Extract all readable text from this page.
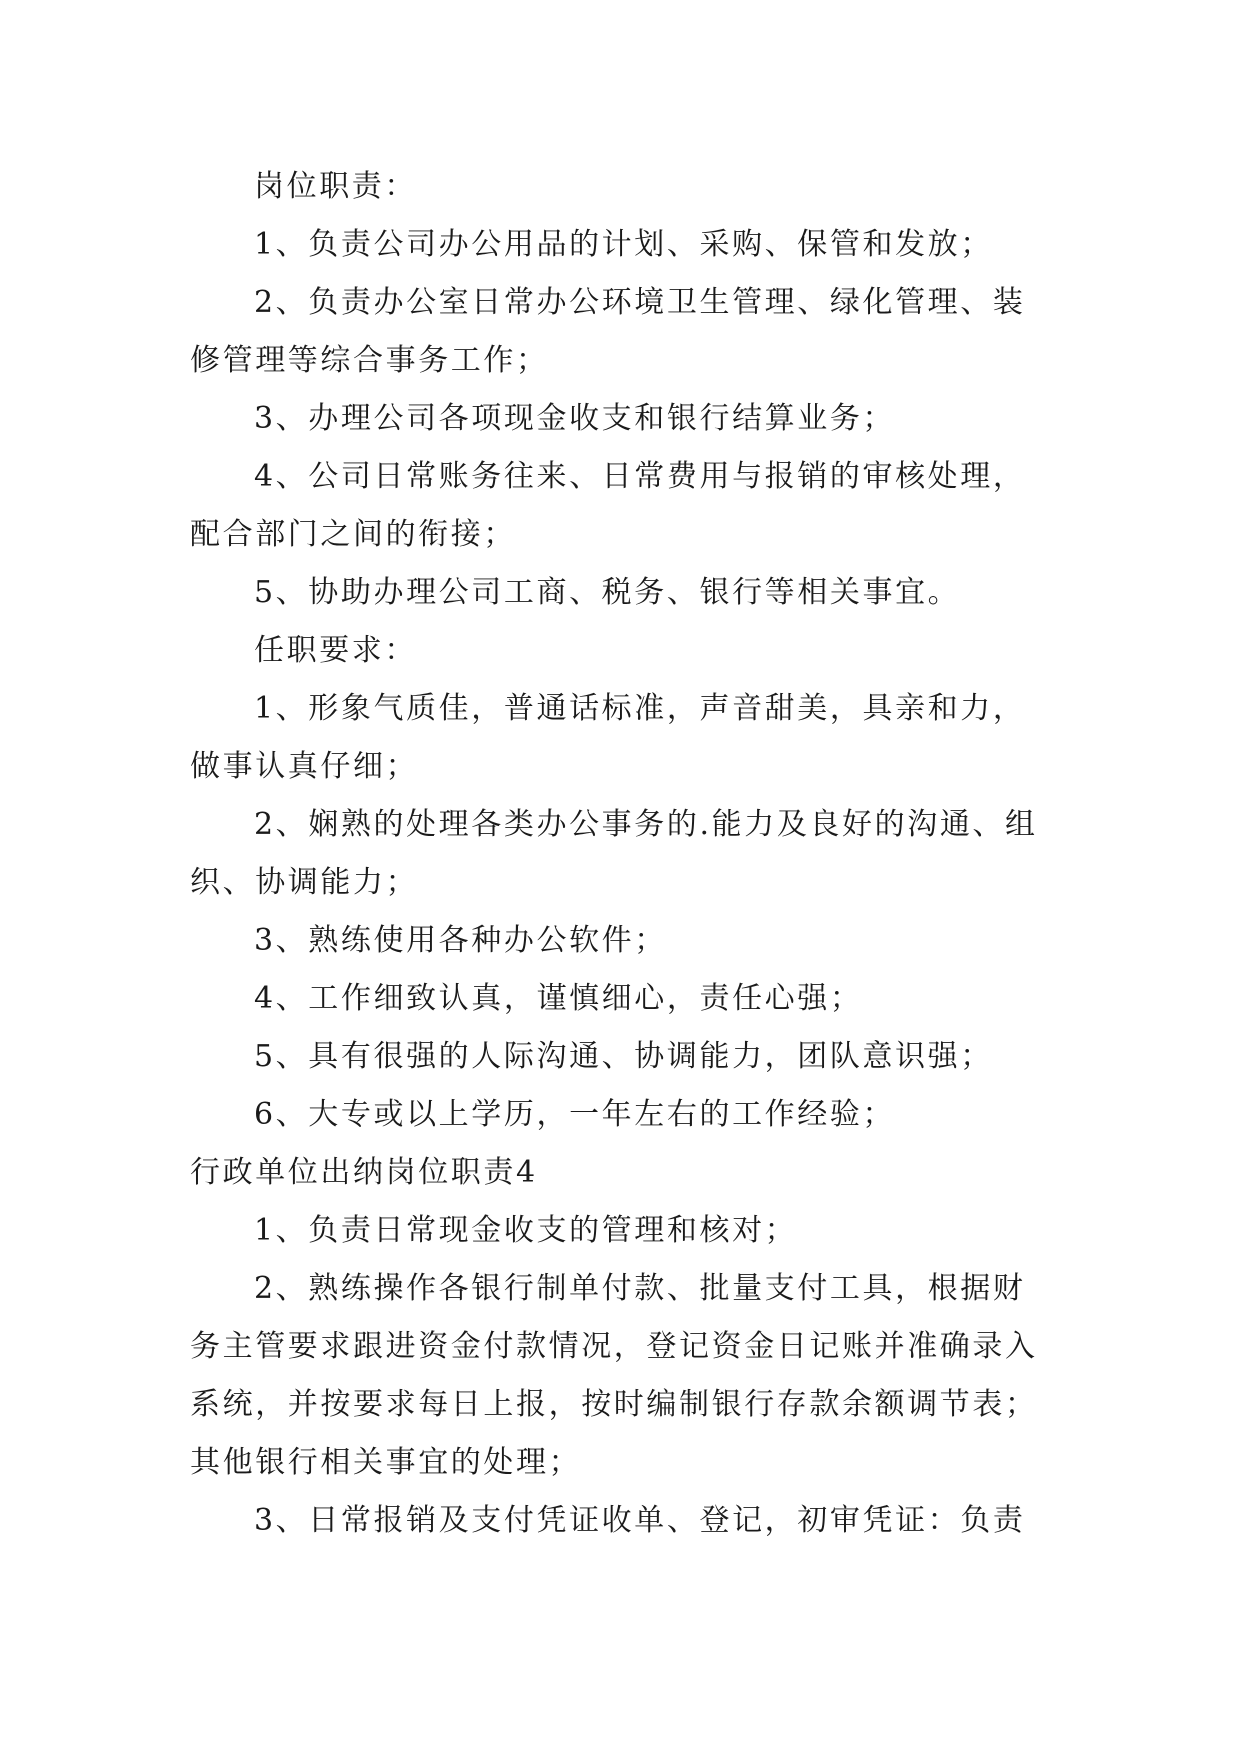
岗位职责：

1、负责公司办公用品的计划、采购、保管和发放；

2、负责办公室日常办公环境卫生管理、绿化管理、装修管理等综合事务工作；

3、办理公司各项现金收支和银行结算业务；

4、公司日常账务往来、日常费用与报销的审核处理，配合部门之间的衔接；

5、协助办理公司工商、税务、银行等相关事宜。

任职要求：

1、形象气质佳，普通话标准，声音甜美，具亲和力，做事认真仔细；

2、娴熟的处理各类办公事务的.能力及良好的沟通、组织、协调能力；

3、熟练使用各种办公软件；

4、工作细致认真，谨慎细心，责任心强；

5、具有很强的人际沟通、协调能力，团队意识强；

6、大专或以上学历，一年左右的工作经验；

行政单位出纳岗位职责4

1、负责日常现金收支的管理和核对；

2、熟练操作各银行制单付款、批量支付工具，根据财务主管要求跟进资金付款情况，登记资金日记账并准确录入系统，并按要求每日上报，按时编制银行存款余额调节表；其他银行相关事宜的处理；

3、日常报销及支付凭证收单、登记，初审凭证：负责
